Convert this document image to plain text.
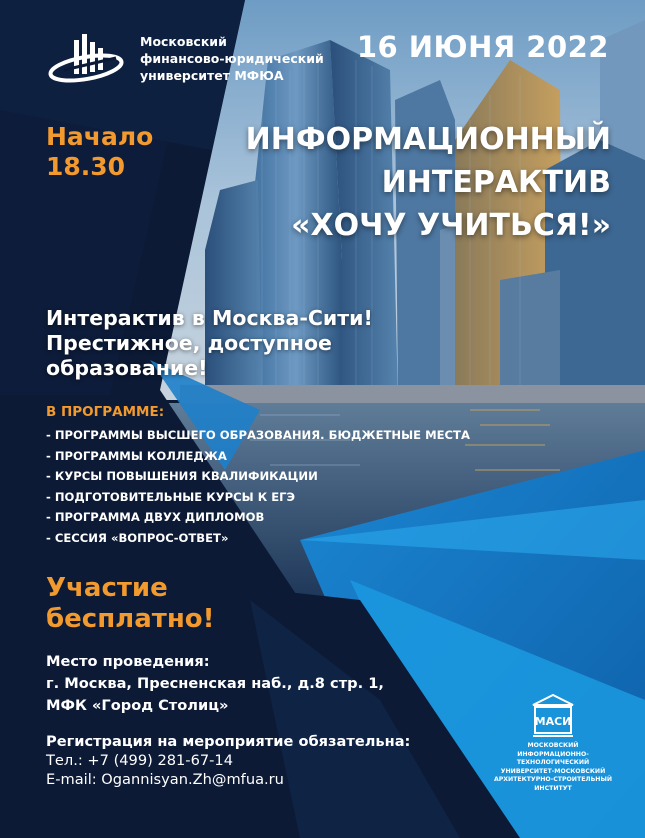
Московский
финансово-юридический
университет МФЮА
16 ИЮНЯ 2022
Начало
18.30
ИНФОРМАЦИОННЫЙ
ИНТЕРАКТИВ
«ХОЧУ УЧИТЬСЯ!»
Интерактив в Москва-Сити!
Престижное, доступное
образование!
В ПРОГРАММЕ:
- ПРОГРАММЫ ВЫСШЕГО ОБРАЗОВАНИЯ. БЮДЖЕТНЫЕ МЕСТА
- ПРОГРАММЫ КОЛЛЕДЖА
- КУРСЫ ПОВЫШЕНИЯ КВАЛИФИКАЦИИ
- ПОДГОТОВИТЕЛЬНЫЕ КУРСЫ К ЕГЭ
- ПРОГРАММА ДВУХ ДИПЛОМОВ
- СЕССИЯ «ВОПРОС-ОТВЕТ»
Участие
бесплатно!
Место проведения:
г. Москва, Пресненская наб., д.8 стр. 1,
МФК «Город Столиц»
Регистрация на мероприятие обязательна:
Тел.: +7 (499) 281-67-14
E-mail: Ogannisyan.Zh@mfua.ru
МАСИ
МОСКОВСКИЙ
ИНФОРМАЦИОННО-ТЕХНОЛОГИЧЕСКИЙ
УНИВЕРСИТЕТ-МОСКОВСКИЙ
АРХИТЕКТУРНО-СТРОИТЕЛЬНЫЙ
ИНСТИТУТ
